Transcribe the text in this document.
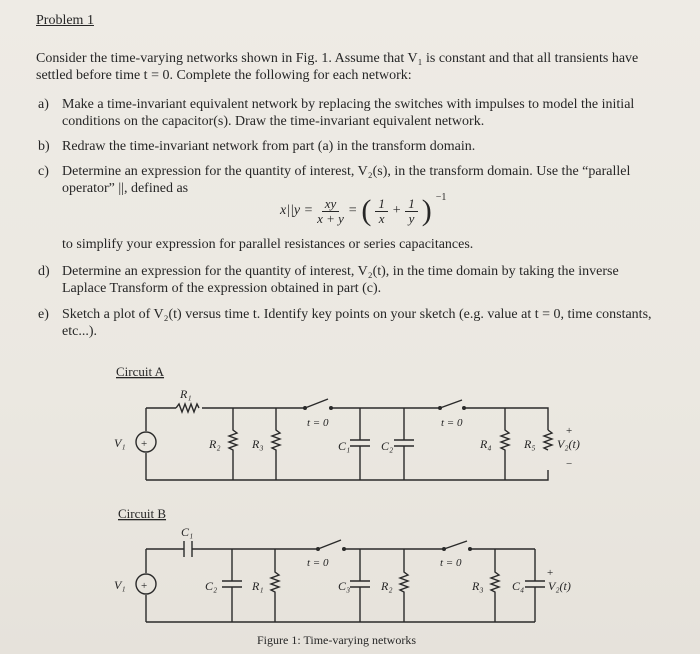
Problem 1
Consider the time-varying networks shown in Fig. 1. Assume that V₁ is constant and that all transients have settled before time t = 0. Complete the following for each network:
a) Make a time-invariant equivalent network by replacing the switches with impulses to model the initial conditions on the capacitor(s). Draw the time-invariant equivalent network.
b) Redraw the time-invariant network from part (a) in the transform domain.
c) Determine an expression for the quantity of interest, V₂(s), in the transform domain. Use the “parallel operator” ||, defined as
$x||y = \frac{xy}{x + y}$ = ( $\frac{1}{x} + \frac{1}{y}$ ) −1
to simplify your expression for parallel resistances or series capacitances.
d) Determine an expression for the quantity of interest, V₂(t), in the time domain by taking the inverse Laplace Transform of the expression obtained in part (c).
e) Sketch a plot of V₂(t) versus time t. Identify key points on your sketch (e.g. value at t = 0, time constants, etc...).
Circuit A
V₁ +
R₁
R₂	R₃
t = 0
C₁	C₂
t = 0
R₄	R₅ V₂(t)
+
−
Circuit B
V₁ +
C₁
C₂	R₁
t = 0
C₃	R₂
t = 0
R₃ C₄ V₂(t)
+
Figure 1: Time-varying networks
